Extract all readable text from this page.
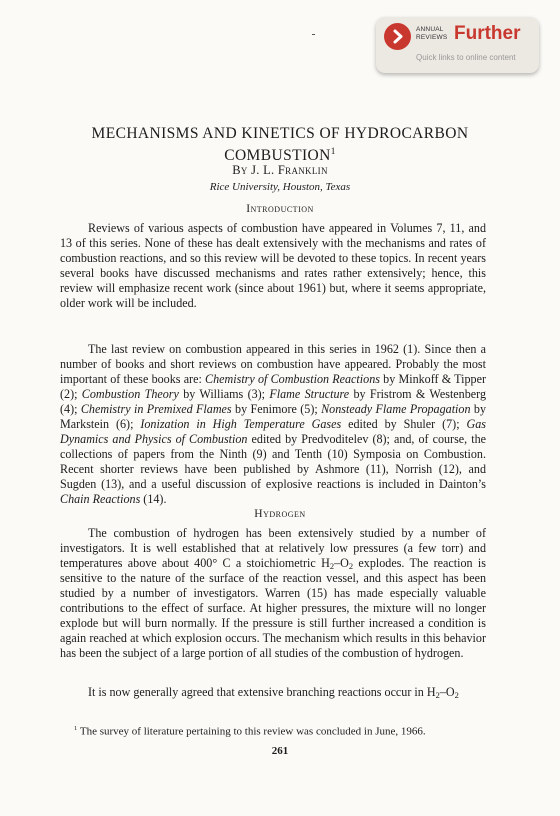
ANNUAL
REVIEWS Further
Quick links to online content
MECHANISMS AND KINETICS OF HYDROCARBON
COMBUSTION$^1$
By J. L. Franklin
Rice University, Houston, Texas
Introduction

Reviews of various aspects of combustion have appeared in Volumes 7, 11, and 13 of this series. None of these has dealt extensively with the mechanisms and rates of combustion reactions, and so this review will be devoted to these topics. In recent years several books have discussed mechanisms and rates rather extensively; hence, this review will emphasize recent work (since about 1961) but, where it seems appropriate, older work will be included.

The last review on combustion appeared in this series in 1962 (1). Since then a number of books and short reviews on combustion have appeared. Probably the most important of these books are: Chemistry of Combustion Reactions by Minkoff & Tipper (2); Combustion Theory by Williams (3); Flame Structure by Fristrom & Westenberg (4); Chemistry in Premixed Flames by Fenimore (5); Nonsteady Flame Propagation by Markstein (6); Ionization in High Temperature Gases edited by Shuler (7); Gas Dynamics and Physics of Combustion edited by Predvoditelev (8); and, of course, the collections of papers from the Ninth (9) and Tenth (10) Symposia on Combustion. Recent shorter reviews have been published by Ashmore (11), Norrish (12), and Sugden (13), and a useful discussion of explosive reactions is included in Dainton’s Chain Reactions (14).

Hydrogen

The combustion of hydrogen has been extensively studied by a number of investigators. It is well established that at relatively low pressures (a few torr) and temperatures above about 400° C a stoichiometric $H_2-O_2$ explodes. The reaction is sensitive to the nature of the surface of the reaction vessel, and this aspect has been studied by a number of investigators. Warren (15) has made especially valuable contributions to the effect of surface. At higher pressures, the mixture will no longer explode but will burn normally. If the pressure is still further increased a condition is again reached at which explosion occurs. The mechanism which results in this behavior has been the subject of a large portion of all studies of the combustion of hydrogen.

It is now generally agreed that extensive branching reactions occur in $H_2-O_2$

$^1$ The survey of literature pertaining to this review was concluded in June, 1966.
261
